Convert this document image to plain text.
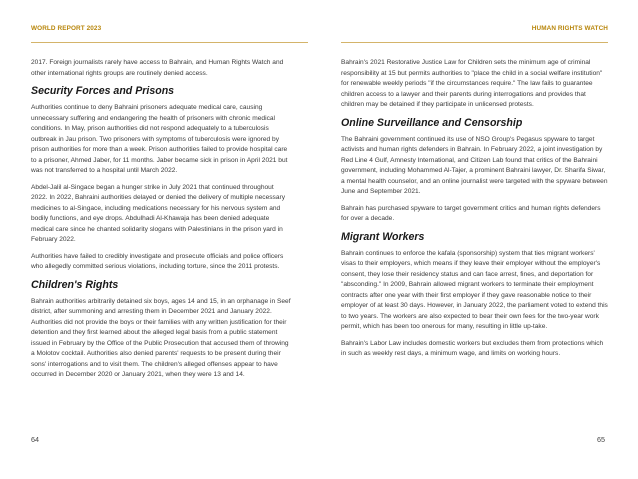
WORLD REPORT 2023	HUMAN RIGHTS WATCH

2017. Foreign journalists rarely have access to Bahrain, and Human Rights Watch and other international rights groups are routinely denied access.

Security Forces and Prisons

Authorities continue to deny Bahraini prisoners adequate medical care, causing unnecessary suffering and endangering the health of prisoners with chronic medical conditions. In May, prison authorities did not respond adequately to a tuberculosis outbreak in Jau prison. Two prisoners with symptoms of tuberculosis were ignored by prison authorities for more than a week. Prison authorities failed to provide hospital care to a prisoner, Ahmed Jaber, for 11 months. Jaber became sick in prison in April 2021 but was not transferred to a hospital until March 2022.

Abdel-Jalil al-Singace began a hunger strike in July 2021 that continued throughout 2022. In 2022, Bahraini authorities delayed or denied the delivery of multiple necessary medicines to al-Singace, including medications necessary for his nervous system and bodily functions, and eye drops. Abdulhadi Al-Khawaja has been denied adequate medical care since he chanted solidarity slogans with Palestinians in the prison yard in February 2022.

Authorities have failed to credibly investigate and prosecute officials and police officers who allegedly committed serious violations, including torture, since the 2011 protests.

Children's Rights

Bahrain authorities arbitrarily detained six boys, ages 14 and 15, in an orphanage in Seef district, after summoning and arresting them in December 2021 and January 2022. Authorities did not provide the boys or their families with any written justification for their detention and they first learned about the alleged legal basis from a public statement issued in February by the Office of the Public Prosecution that accused them of throwing a Molotov cocktail. Authorities also denied parents' requests to be present during their sons' interrogations and to visit them. The children's alleged offenses appear to have occurred in December 2020 or January 2021, when they were 13 and 14.

Bahrain's 2021 Restorative Justice Law for Children sets the minimum age of criminal responsibility at 15 but permits authorities to "place the child in a social welfare institution" for renewable weekly periods "if the circumstances require." The law fails to guarantee children access to a lawyer and their parents during interrogations and provides that children may be detained if they participate in unlicensed protests.

Online Surveillance and Censorship

The Bahraini government continued its use of NSO Group's Pegasus spyware to target activists and human rights defenders in Bahrain. In February 2022, a joint investigation by Red Line 4 Gulf, Amnesty International, and Citizen Lab found that critics of the Bahraini government, including Mohammed Al-Tajer, a prominent Bahraini lawyer, Dr. Sharifa Siwar, a mental health counselor, and an online journalist were targeted with the spyware between June and September 2021.

Bahrain has purchased spyware to target government critics and human rights defenders for over a decade.

Migrant Workers

Bahrain continues to enforce the kafala (sponsorship) system that ties migrant workers' visas to their employers, which means if they leave their employer without the employer's consent, they lose their residency status and can face arrest, fines, and deportation for "absconding." In 2009, Bahrain allowed migrant workers to terminate their employment contracts after one year with their first employer if they gave reasonable notice to their employer of at least 30 days. However, in January 2022, the parliament voted to extend this to two years. The workers are also expected to bear their own fees for the two-year work permit, which has been too onerous for many, resulting in little up-take.

Bahrain's Labor Law includes domestic workers but excludes them from protections which in such as weekly rest days, a minimum wage, and limits on working hours.

64	65
